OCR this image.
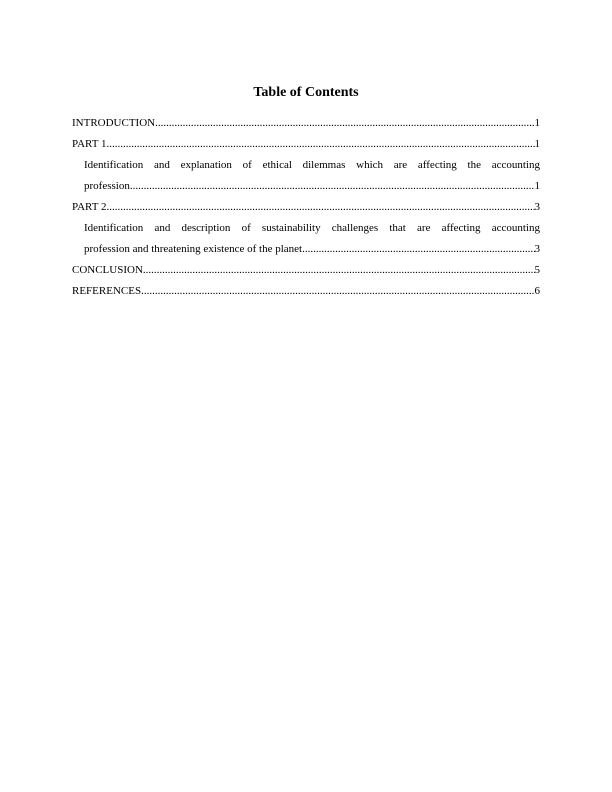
Table of Contents
INTRODUCTION .....	1
PART 1 .....	1
Identification and explanation of ethical dilemmas which are affecting the accounting
profession .....	1
PART 2 .....	3
Identification and description of sustainability challenges that are affecting accounting
profession and threatening existence of the planet .....	3
CONCLUSION .....	5
REFERENCES .....	6
